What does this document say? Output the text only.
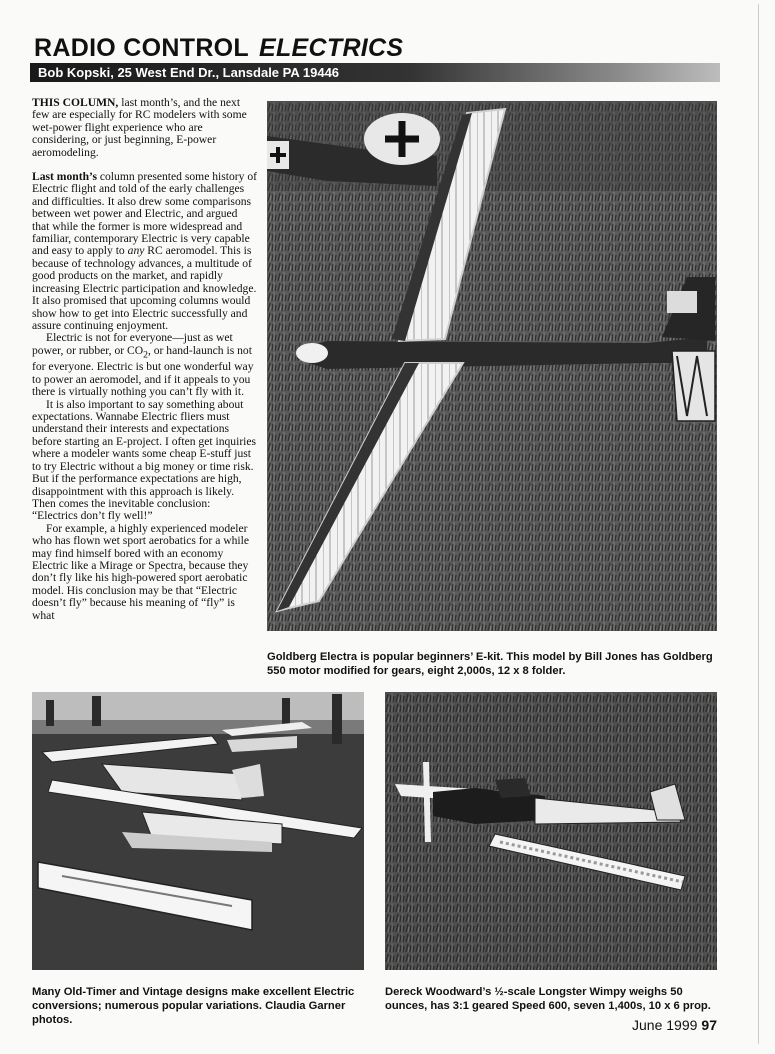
RADIO CONTROL ELECTRICS
Bob Kopski, 25 West End Dr., Lansdale PA 19446

THIS COLUMN, last month’s, and the next few are especially for RC modelers with some wet-power flight experience who are considering, or just beginning, E-power aeromodeling.

Last month’s column presented some history of Electric flight and told of the early challenges and difficulties. It also drew some comparisons between wet power and Electric, and argued that while the former is more widespread and familiar, contemporary Electric is very capable and easy to apply to any RC aeromodel. This is because of technology advances, a multitude of good products on the market, and rapidly increasing Electric participation and knowledge. It also promised that upcoming columns would show how to get into Electric successfully and assure continuing enjoyment.

Electric is not for everyone—just as wet power, or rubber, or $CO_2$, or hand-launch is not for everyone. Electric is but one wonderful way to power an aeromodel, and if it appeals to you there is virtually nothing you can’t fly with it.

It is also important to say something about expectations. Wannabe Electric fliers must understand their interests and expectations before starting an E-project. I often get inquiries where a modeler wants some cheap E-stuff just to try Electric without a big money or time risk. But if the performance expectations are high, disappointment with this approach is likely. Then comes the inevitable conclusion: “Electrics don’t fly well!”

For example, a highly experienced modeler who has flown wet sport aerobatics for a while may find himself bored with an economy Electric like a Mirage or Spectra, because they don’t fly like his high-powered sport aerobatic model. His conclusion may be that “Electric doesn’t fly” because his meaning of “fly” is what

Goldberg Electra is popular beginners’ E-kit. This model by Bill Jones has Goldberg 550 motor modified for gears, eight 2,000s, 12 x 8 folder.

Many Old-Timer and Vintage designs make excellent Electric conversions; numerous popular variations. Claudia Garner photos.

Dereck Woodward’s ½-scale Longster Wimpy weighs 50 ounces, has 3:1 geared Speed 600, seven 1,400s, 10 x 6 prop.

June 1999 97
